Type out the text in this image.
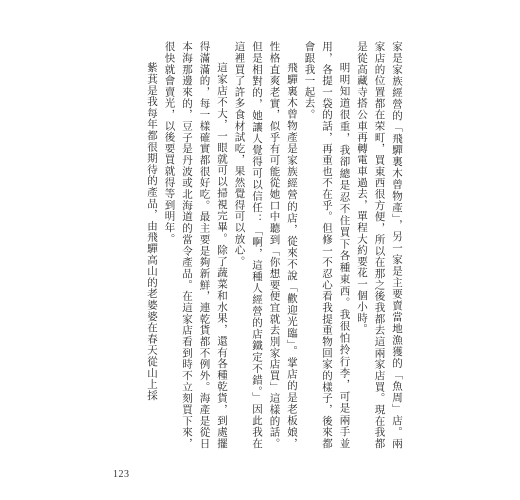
家是家族經營的「飛驒裏木曾物產」，另一家是主要賣當地漁獲的「魚周」店。兩家店的位置都在荣町，買東西很方便，所以在那之後我都去這兩家店買。現在我都是從高藏寺搭公車再轉電車過去，單程大約要花一個小時。

明明知道很重，我卻總是忍不住買下各種東西。我很怕拎行李，可是兩手並用，各提一袋的話，再重也不在乎。但修一不忍心看我提重物回家的樣子，後來都會跟我一起去。

飛驒裏木曾物產是家族經營的店，從來不說「歡迎光臨」。掌店的是老板娘，性格直爽老實，似乎有可能從她口中聽到「你想要便宜就去別家店買」這樣的話。但是相對的，她讓人覺得可以信任：「啊，這種人經營的店鐵定不錯。」因此我在這裡買了許多食材試吃，果然覺得可以放心。

這家店不大，一眼就可以掃視完畢。除了蔬菜和水果，還有各種乾貨，到處擺得滿滿的，每一樣確實都很好吃。最主要是夠新鮮，連乾貨都不例外。海產是從日本海那邊來的，豆子是丹波或北海道的當令產品。在這家店看到時不立刻買下來，很快就會賣光，以後要買就得等到明年。

紫萁是我每年都很期待的產品，由飛驒高山的老婆婆在春天從山上採

123
